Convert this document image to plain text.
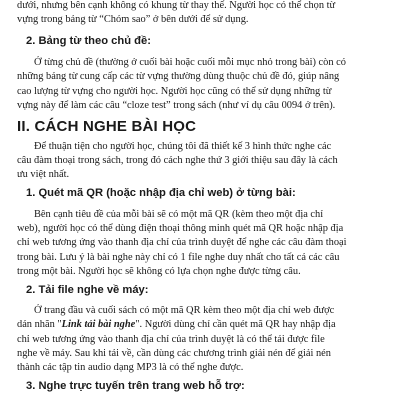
dưới, nhưng bên cạnh không có khung từ thay thế. Người học có thể chọn từ
vựng trong bảng từ “Chóm sao” ở bên dưới để sử dụng.
2. Bảng từ theo chủ đề:
Ở từng chủ đề (thường ở cuối bài hoặc cuối mỗi mục nhỏ trong bài) còn có
những bảng từ cung cấp các từ vựng thường dùng thuộc chủ đề đó, giúp nâng
cao lượng từ vựng cho người học. Người học cũng có thể sử dụng những từ
vựng này để làm các câu “cloze test” trong sách (như ví dụ câu 0094 ở trên).
II. CÁCH NGHE BÀI HỌC
Để thuận tiện cho người học, chúng tôi đã thiết kế 3 hình thức nghe các
câu đàm thoại trong sách, trong đó cách nghe thứ 3 giới thiệu sau đây là cách
ưu việt nhất.
1. Quét mã QR (hoặc nhập địa chỉ web) ở từng bài:
Bên cạnh tiêu đề của mỗi bài sẽ có một mã QR (kèm theo một địa chỉ
web), người học có thể dùng điện thoại thông minh quét mã QR hoặc nhập địa
chỉ web tương ứng vào thanh địa chỉ của trình duyệt để nghe các câu đàm thoại
trong bài. Lưu ý là bài nghe này chỉ có 1 file nghe duy nhất cho tất cả các câu
trong một bài. Người học sẽ không có lựa chọn nghe được từng câu.
2. Tải file nghe về máy:
Ở trang đầu và cuối sách có một mã QR kèm theo một địa chỉ web được
dán nhãn "Link tải bài nghe". Người dùng chỉ cần quét mã QR hay nhập địa
chỉ web tương ứng vào thanh địa chỉ của trình duyệt là có thể tải được file
nghe về máy. Sau khi tải về, cần dùng các chương trình giải nén để giải nén
thành các tập tin audio dạng MP3 là có thể nghe được.
3. Nghe trực tuyến trên trang web hỗ trợ:
